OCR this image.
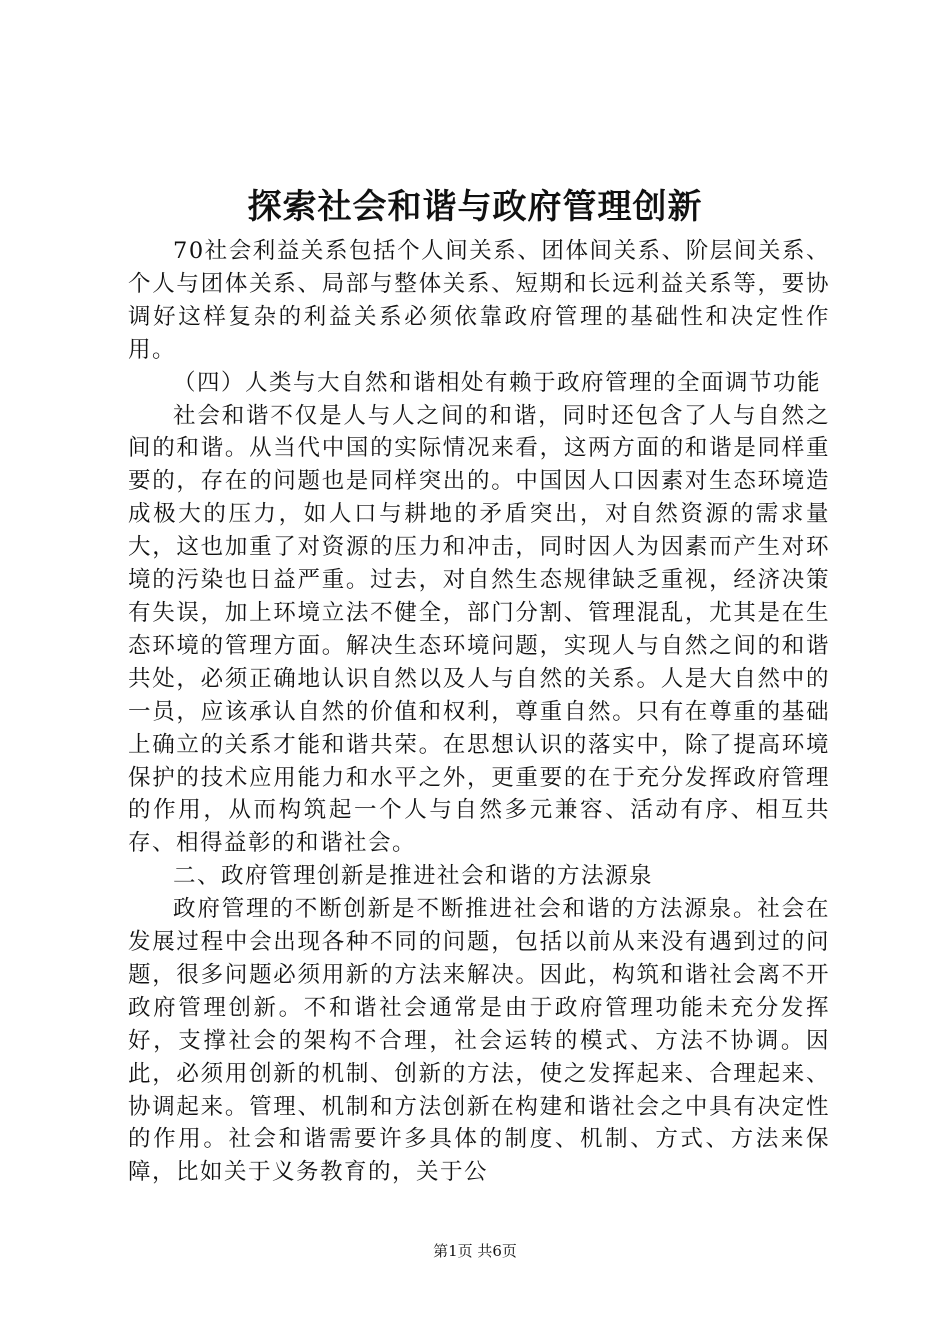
探索社会和谐与政府管理创新

70社会利益关系包括个人间关系、团体间关系、阶层间关系、个人与团体关系、局部与整体关系、短期和长远利益关系等，要协调好这样复杂的利益关系必须依靠政府管理的基础性和决定性作用。

（四）人类与大自然和谐相处有赖于政府管理的全面调节功能

社会和谐不仅是人与人之间的和谐，同时还包含了人与自然之间的和谐。从当代中国的实际情况来看，这两方面的和谐是同样重要的，存在的问题也是同样突出的。中国因人口因素对生态环境造成极大的压力，如人口与耕地的矛盾突出，对自然资源的需求量大，这也加重了对资源的压力和冲击，同时因人为因素而产生对环境的污染也日益严重。过去，对自然生态规律缺乏重视，经济决策有失误，加上环境立法不健全，部门分割、管理混乱，尤其是在生态环境的管理方面。解决生态环境问题，实现人与自然之间的和谐共处，必须正确地认识自然以及人与自然的关系。人是大自然中的一员，应该承认自然的价值和权利，尊重自然。只有在尊重的基础上确立的关系才能和谐共荣。在思想认识的落实中，除了提高环境保护的技术应用能力和水平之外，更重要的在于充分发挥政府管理的作用，从而构筑起一个人与自然多元兼容、活动有序、相互共存、相得益彰的和谐社会。

二、政府管理创新是推进社会和谐的方法源泉

政府管理的不断创新是不断推进社会和谐的方法源泉。社会在发展过程中会出现各种不同的问题，包括以前从来没有遇到过的问题，很多问题必须用新的方法来解决。因此，构筑和谐社会离不开政府管理创新。不和谐社会通常是由于政府管理功能未充分发挥好，支撑社会的架构不合理，社会运转的模式、方法不协调。因此，必须用创新的机制、创新的方法，使之发挥起来、合理起来、协调起来。管理、机制和方法创新在构建和谐社会之中具有决定性的作用。社会和谐需要许多具体的制度、机制、方式、方法来保障，比如关于义务教育的，关于公

第1页 共6页
